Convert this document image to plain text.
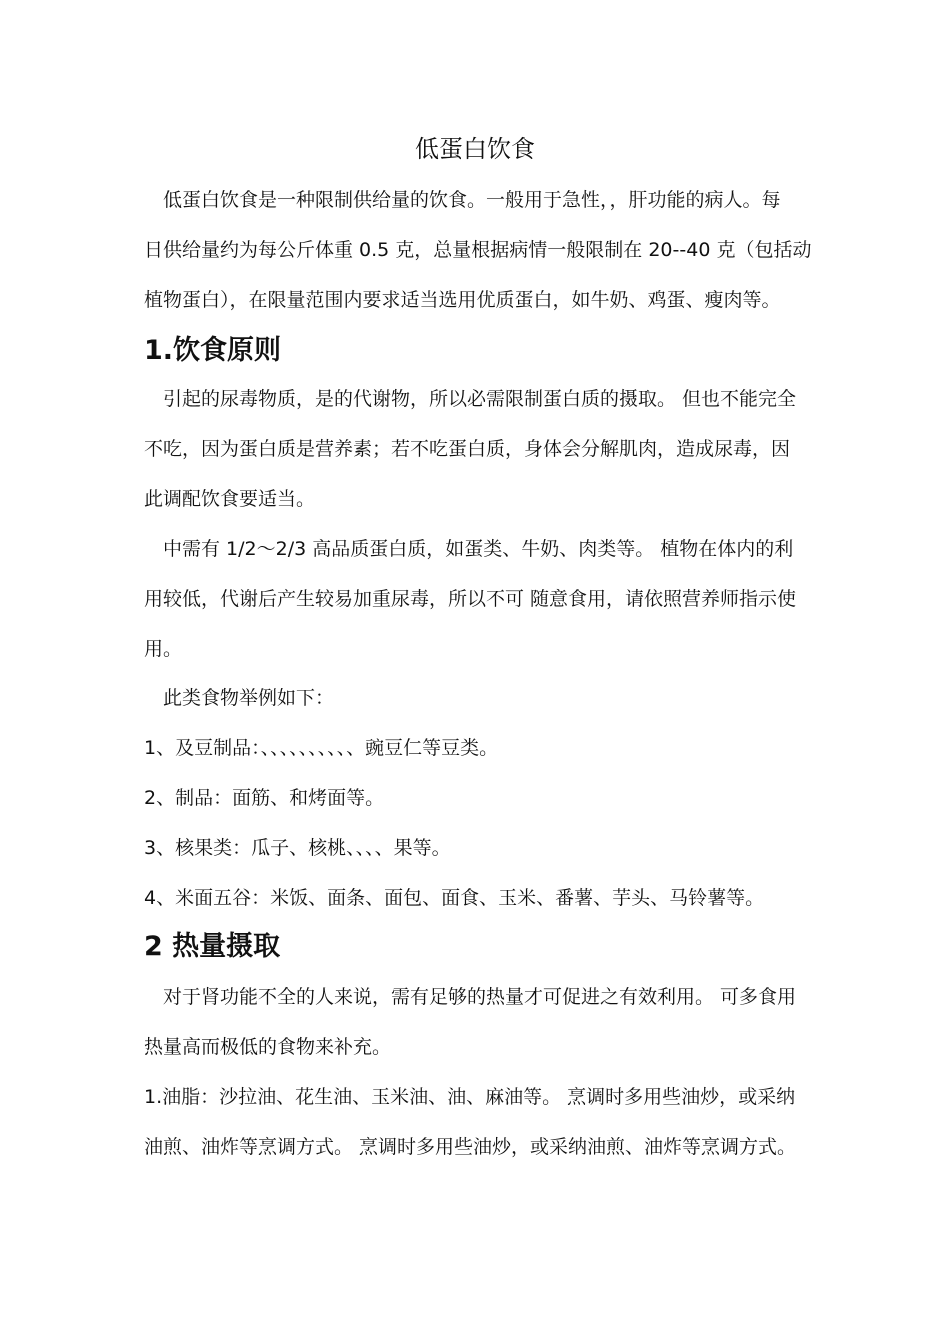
低蛋白饮食

　低蛋白饮食是一种限制供给量的饮食。一般用于急性，，肝功能的病人。每

日供给量约为每公斤体重 0.5 克，总量根据病情一般限制在 20--40 克（包括动

植物蛋白），在限量范围内要求适当选用优质蛋白，如牛奶、鸡蛋、瘦肉等。

1.饮食原则

　引起的尿毒物质，是的代谢物，所以必需限制蛋白质的摄取。 但也不能完全

不吃，因为蛋白质是营养素；若不吃蛋白质，身体会分解肌肉，造成尿毒，因

此调配饮食要适当。

　中需有 1/2～2/3 高品质蛋白质，如蛋类、牛奶、肉类等。 植物在体内的利

用较低，代谢后产生较易加重尿毒，所以不可 随意食用，请依照营养师指示使

用。

　此类食物举例如下：

1、及豆制品：、、、、、、、、、、豌豆仁等豆类。

2、制品：面筋、和烤面等。

3、核果类：瓜子、核桃、、、、果等。

4、米面五谷：米饭、面条、面包、面食、玉米、番薯、芋头、马铃薯等。

2 热量摄取

　对于肾功能不全的人来说，需有足够的热量才可促进之有效利用。 可多食用

热量高而极低的食物来补充。

1.油脂：沙拉油、花生油、玉米油、油、麻油等。 烹调时多用些油炒，或采纳

油煎、油炸等烹调方式。 烹调时多用些油炒，或采纳油煎、油炸等烹调方式。
